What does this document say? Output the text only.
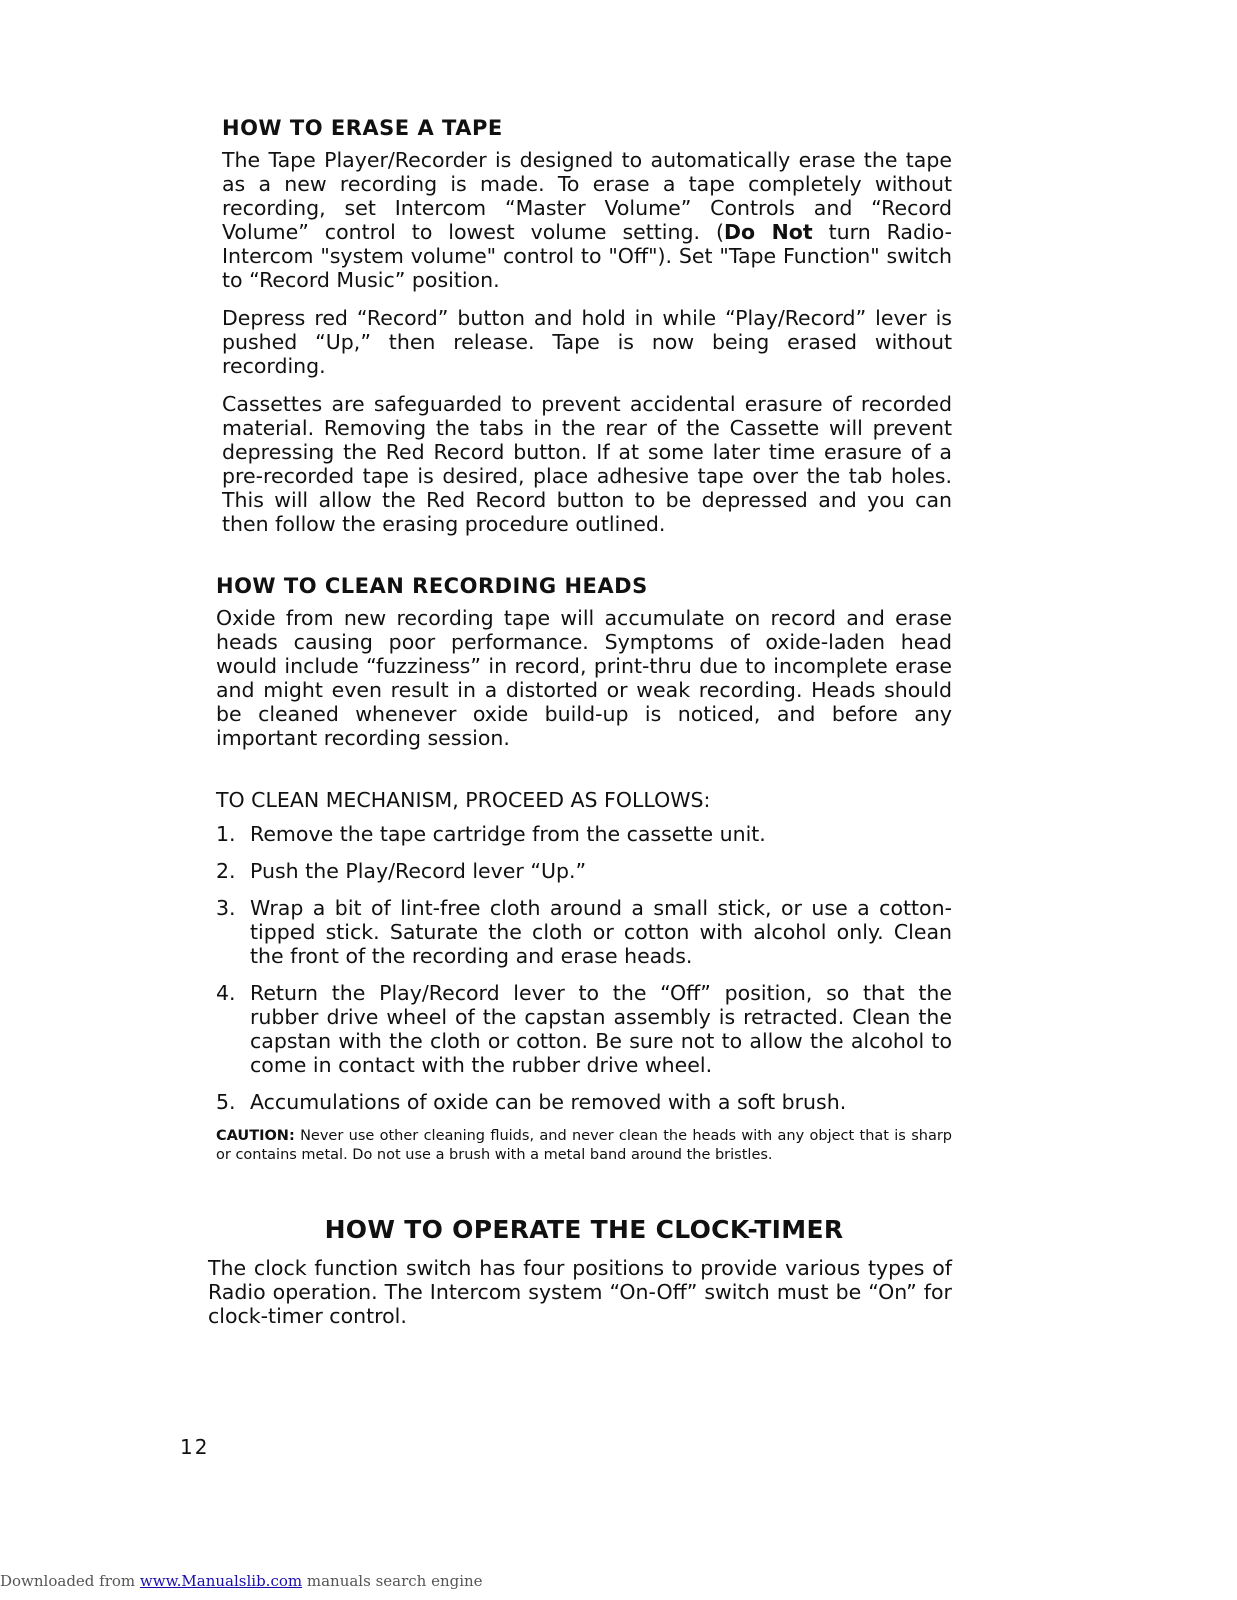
HOW TO ERASE A TAPE

The Tape Player/Recorder is designed to automatically erase the tape as a new recording is made. To erase a tape completely without recording, set Intercom “Master Volume” Controls and “Record Volume” control to lowest volume setting. (Do Not turn Radio-Intercom "system volume" control to "Off"). Set "Tape Function" switch to “Record Music” position.

Depress red “Record” button and hold in while “Play/Record” lever is pushed “Up,” then release. Tape is now being erased without recording.

Cassettes are safeguarded to prevent accidental erasure of recorded material. Removing the tabs in the rear of the Cassette will prevent depressing the Red Record button. If at some later time erasure of a pre-recorded tape is desired, place adhesive tape over the tab holes. This will allow the Red Record button to be depressed and you can then follow the erasing procedure outlined.

HOW TO CLEAN RECORDING HEADS

Oxide from new recording tape will accumulate on record and erase heads causing poor performance. Symptoms of oxide-laden head would include “fuzziness” in record, print-thru due to incomplete erase and might even result in a distorted or weak recording. Heads should be cleaned whenever oxide build-up is noticed, and before any important recording session.

TO CLEAN MECHANISM, PROCEED AS FOLLOWS:

1. Remove the tape cartridge from the cassette unit.
2. Push the Play/Record lever “Up.”
3. Wrap a bit of lint-free cloth around a small stick, or use a cotton-tipped stick. Saturate the cloth or cotton with alcohol only. Clean the front of the recording and erase heads.
4. Return the Play/Record lever to the “Off” position, so that the rubber drive wheel of the capstan assembly is retracted. Clean the capstan with the cloth or cotton. Be sure not to allow the alcohol to come in contact with the rubber drive wheel.
5. Accumulations of oxide can be removed with a soft brush.

CAUTION: Never use other cleaning fluids, and never clean the heads with any object that is sharp or contains metal. Do not use a brush with a metal band around the bristles.

HOW TO OPERATE THE CLOCK-TIMER

The clock function switch has four positions to provide various types of Radio operation. The Intercom system “On-Off” switch must be “On” for clock-timer control.

12
Downloaded from www.Manualslib.com manuals search engine
